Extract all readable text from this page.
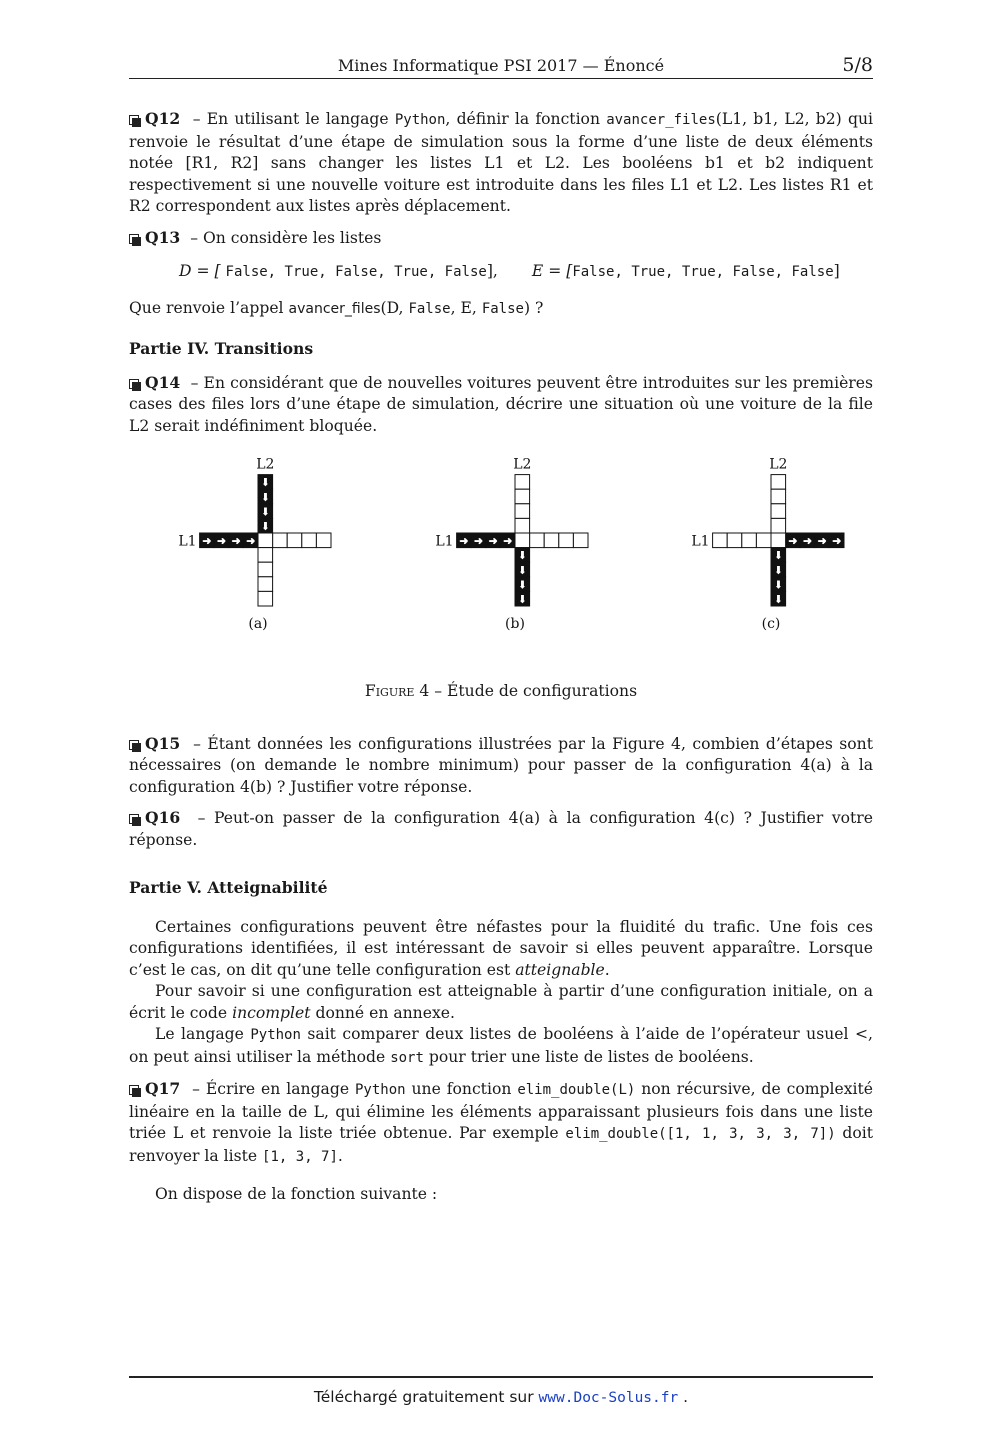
Mines Informatique PSI 2017 — Énoncé	5/8

Q12 – En utilisant le langage Python, définir la fonction avancer_files(L1, b1, L2, b2) qui renvoie le résultat d’une étape de simulation sous la forme d’une liste de deux éléments notée [R1, R2] sans changer les listes L1 et L2. Les booléens b1 et b2 indiquent respectivement si une nouvelle voiture est introduite dans les files L1 et L2. Les listes R1 et R2 correspondent aux listes après déplacement.

Q13 – On considère les listes

D = [ False, True, False, True, False], E = [False, True, True, False, False]

Que renvoie l’appel avancer_files(D, False, E, False) ?

Partie IV. Transitions

Q14 – En considérant que de nouvelles voitures peuvent être introduites sur les premières cases des files lors d’une étape de simulation, décrire une situation où une voiture de la file L2 serait indéfiniment bloquée.

➜ ➜ ➜ ➜
⬇
⬇
⬇
⬇
L1
L2
(a)
➜ ➜ ➜ ➜
⬇
⬇
⬇
⬇
L1
L2
(b)
➜ ➜ ➜ ➜
⬇
⬇
⬇
⬇
L1
L2
(c)
Figure 4 – Étude de configurations

Q15 – Étant données les configurations illustrées par la Figure 4, combien d’étapes sont nécessaires (on demande le nombre minimum) pour passer de la configuration 4(a) à la configuration 4(b) ? Justifier votre réponse.

Q16 – Peut-on passer de la configuration 4(a) à la configuration 4(c) ? Justifier votre réponse.

Partie V. Atteignabilité

Certaines configurations peuvent être néfastes pour la fluidité du trafic. Une fois ces configurations identifiées, il est intéressant de savoir si elles peuvent apparaître. Lorsque c’est le cas, on dit qu’une telle configuration est atteignable.

Pour savoir si une configuration est atteignable à partir d’une configuration initiale, on a écrit le code incomplet donné en annexe.

Le langage Python sait comparer deux listes de booléens à l’aide de l’opérateur usuel <, on peut ainsi utiliser la méthode sort pour trier une liste de listes de booléens.

Q17 – Écrire en langage Python une fonction elim_double(L) non récursive, de complexité linéaire en la taille de L, qui élimine les éléments apparaissant plusieurs fois dans une liste triée L et renvoie la liste triée obtenue. Par exemple elim_double([1, 1, 3, 3, 3, 7]) doit renvoyer la liste [1, 3, 7].

On dispose de la fonction suivante :

Téléchargé gratuitement sur www.Doc-Solus.fr .
